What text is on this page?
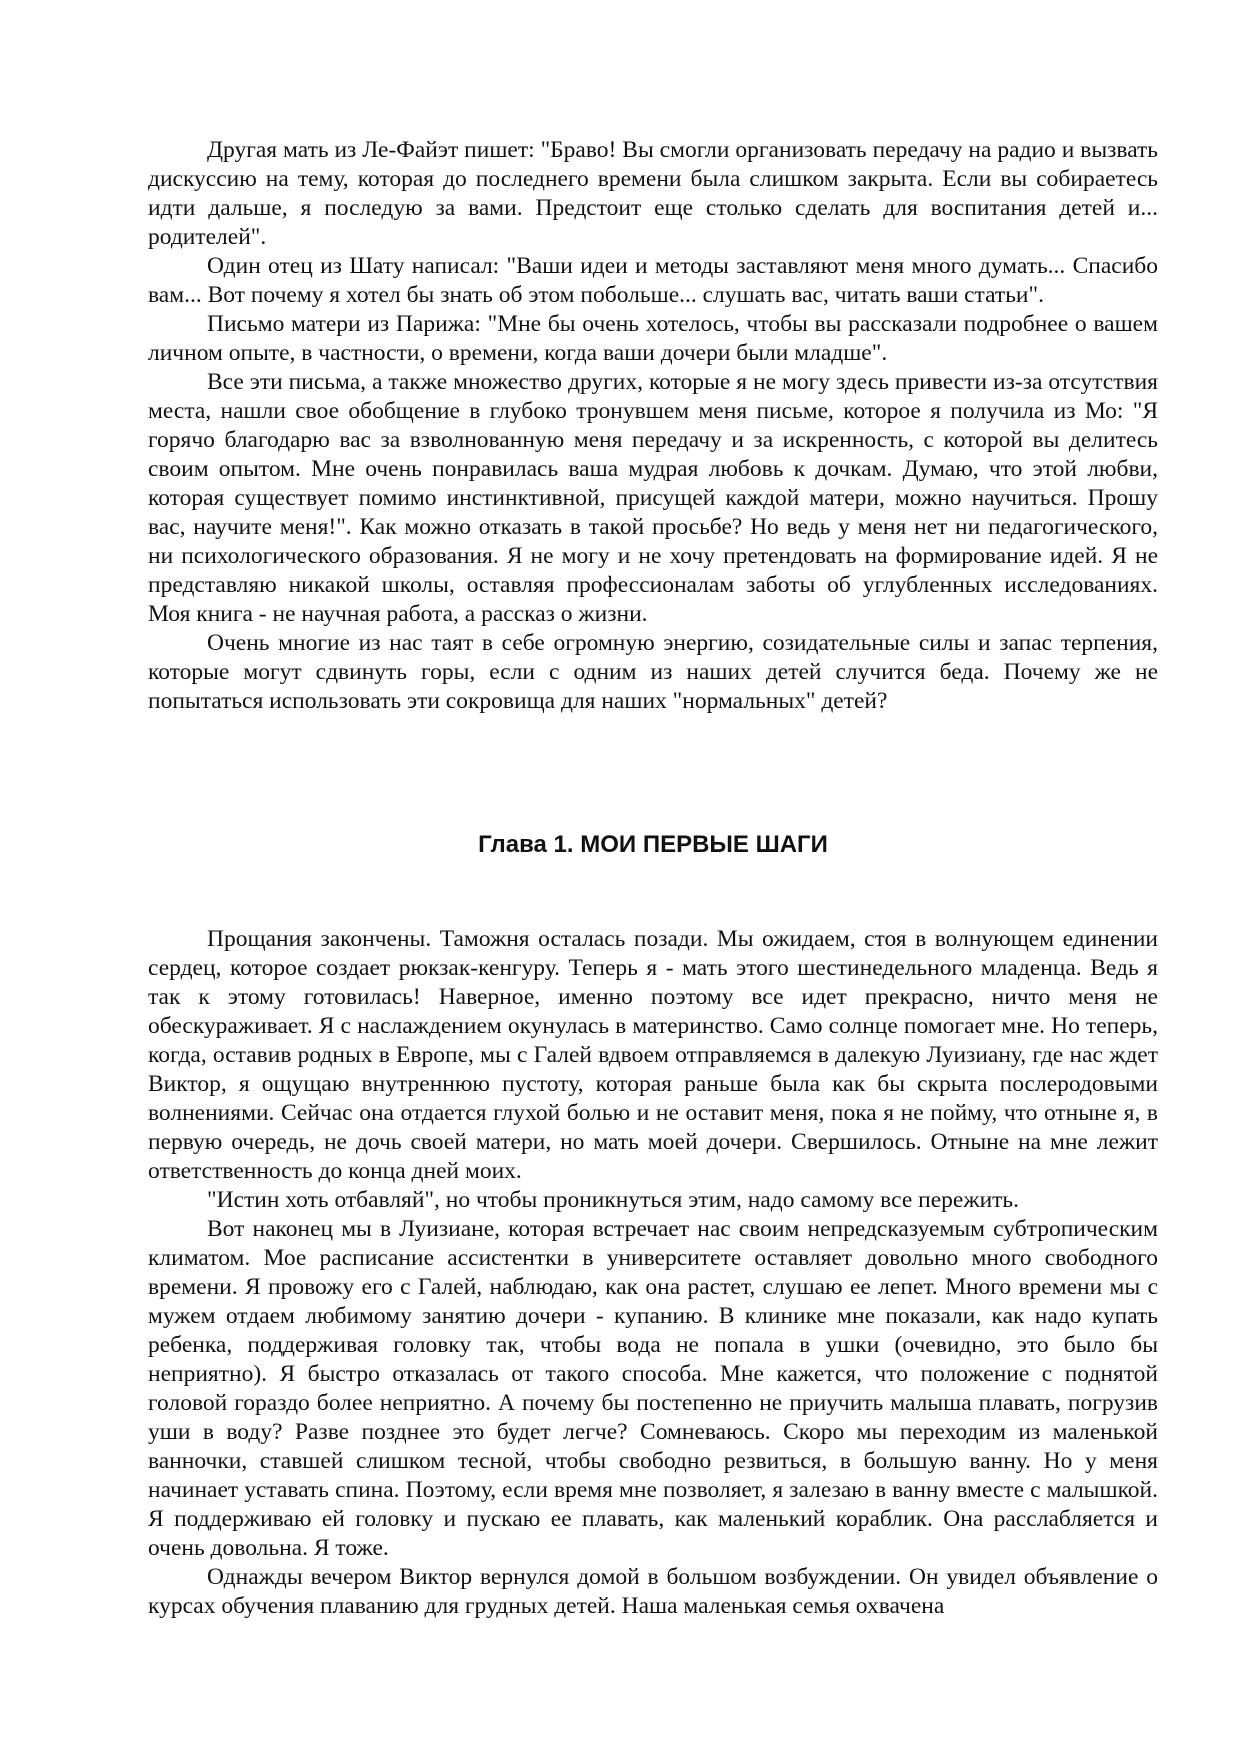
Другая мать из Ле-Файэт пишет: "Браво! Вы смогли организовать передачу на радио и вызвать дискуссию на тему, которая до последнего времени была слишком закрыта. Если вы собираетесь идти дальше, я последую за вами. Предстоит еще столько сделать для воспитания детей и... родителей".

Один отец из Шату написал: "Ваши идеи и методы заставляют меня много думать... Спасибо вам... Вот почему я хотел бы знать об этом побольше... слушать вас, читать ваши статьи".

Письмо матери из Парижа: "Мне бы очень хотелось, чтобы вы рассказали подробнее о вашем личном опыте, в частности, о времени, когда ваши дочери были младше".

Все эти письма, а также множество других, которые я не могу здесь привести из-за отсутствия места, нашли свое обобщение в глубоко тронувшем меня письме, которое я получила из Мо: "Я горячо благодарю вас за взволнованную меня передачу и за искренность, с которой вы делитесь своим опытом. Мне очень понравилась ваша мудрая любовь к дочкам. Думаю, что этой любви, которая существует помимо инстинктивной, присущей каждой матери, можно научиться. Прошу вас, научите меня!". Как можно отказать в такой просьбе? Но ведь у меня нет ни педагогического, ни психологического образования. Я не могу и не хочу претендовать на формирование идей. Я не представляю никакой школы, оставляя профессионалам заботы об углубленных исследованиях. Моя книга - не научная работа, а рассказ о жизни.

Очень многие из нас таят в себе огромную энергию, созидательные силы и запас терпения, которые могут сдвинуть горы, если с одним из наших детей случится беда. Почему же не попытаться использовать эти сокровища для наших "нормальных" детей?

Глава 1. МОИ ПЕРВЫЕ ШАГИ

Прощания закончены. Таможня осталась позади. Мы ожидаем, стоя в волнующем единении сердец, которое создает рюкзак-кенгуру. Теперь я - мать этого шестинедельного младенца. Ведь я так к этому готовилась! Наверное, именно поэтому все идет прекрасно, ничто меня не обескураживает. Я с наслаждением окунулась в материнство. Само солнце помогает мне. Но теперь, когда, оставив родных в Европе, мы с Галей вдвоем отправляемся в далекую Луизиану, где нас ждет Виктор, я ощущаю внутреннюю пустоту, которая раньше была как бы скрыта послеродовыми волнениями. Сейчас она отдается глухой болью и не оставит меня, пока я не пойму, что отныне я, в первую очередь, не дочь своей матери, но мать моей дочери. Свершилось. Отныне на мне лежит ответственность до конца дней моих.

"Истин хоть отбавляй", но чтобы проникнуться этим, надо самому все пережить.

Вот наконец мы в Луизиане, которая встречает нас своим непредсказуемым субтропическим климатом. Мое расписание ассистентки в университете оставляет довольно много свободного времени. Я провожу его с Галей, наблюдаю, как она растет, слушаю ее лепет. Много времени мы с мужем отдаем любимому занятию дочери - купанию. В клинике мне показали, как надо купать ребенка, поддерживая головку так, чтобы вода не попала в ушки (очевидно, это было бы неприятно). Я быстро отказалась от такого способа. Мне кажется, что положение с поднятой головой гораздо более неприятно. А почему бы постепенно не приучить малыша плавать, погрузив уши в воду? Разве позднее это будет легче? Сомневаюсь. Скоро мы переходим из маленькой ванночки, ставшей слишком тесной, чтобы свободно резвиться, в большую ванну. Но у меня начинает уставать спина. Поэтому, если время мне позволяет, я залезаю в ванну вместе с малышкой. Я поддерживаю ей головку и пускаю ее плавать, как маленький кораблик. Она расслабляется и очень довольна. Я тоже.

Однажды вечером Виктор вернулся домой в большом возбуждении. Он увидел объявление о курсах обучения плаванию для грудных детей. Наша маленькая семья охвачена
